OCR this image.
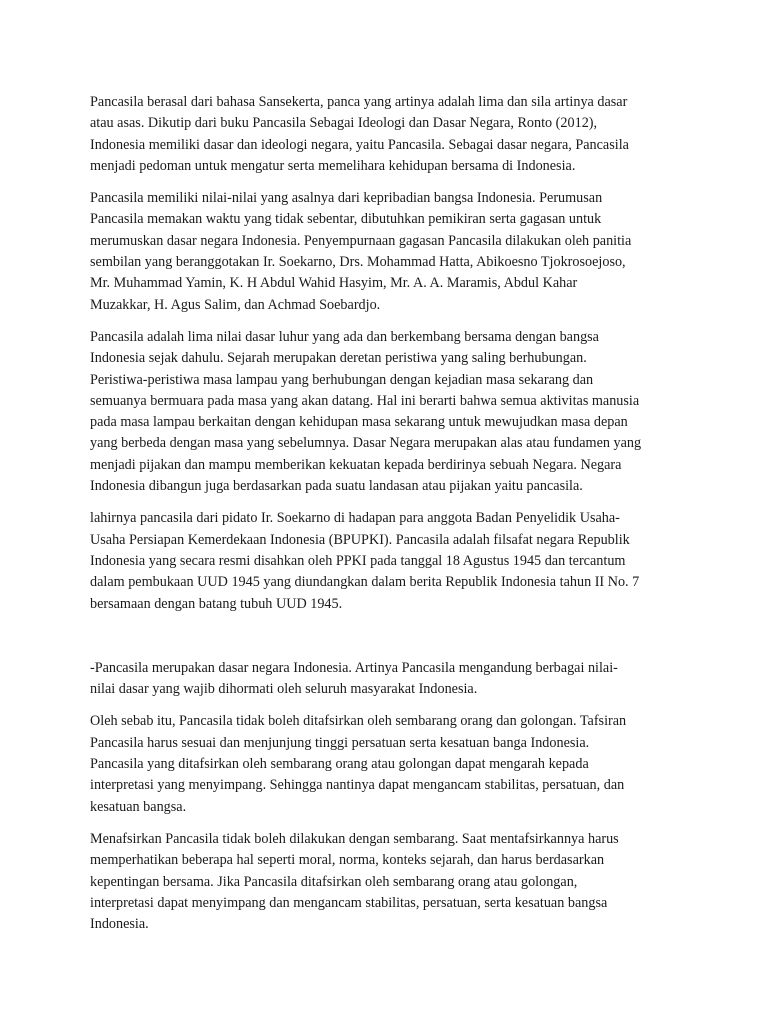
Pancasila berasal dari bahasa Sansekerta, panca yang artinya adalah lima dan sila artinya dasar
atau asas. Dikutip dari buku Pancasila Sebagai Ideologi dan Dasar Negara, Ronto (2012),
Indonesia memiliki dasar dan ideologi negara, yaitu Pancasila. Sebagai dasar negara, Pancasila
menjadi pedoman untuk mengatur serta memelihara kehidupan bersama di Indonesia.

Pancasila memiliki nilai-nilai yang asalnya dari kepribadian bangsa Indonesia. Perumusan
Pancasila memakan waktu yang tidak sebentar, dibutuhkan pemikiran serta gagasan untuk
merumuskan dasar negara Indonesia. Penyempurnaan gagasan Pancasila dilakukan oleh panitia
sembilan yang beranggotakan Ir. Soekarno, Drs. Mohammad Hatta, Abikoesno Tjokrosoejoso,
Mr. Muhammad Yamin, K. H Abdul Wahid Hasyim, Mr. A. A. Maramis, Abdul Kahar
Muzakkar, H. Agus Salim, dan Achmad Soebardjo.

Pancasila adalah lima nilai dasar luhur yang ada dan berkembang bersama dengan bangsa
Indonesia sejak dahulu. Sejarah merupakan deretan peristiwa yang saling berhubungan.
Peristiwa-peristiwa masa lampau yang berhubungan dengan kejadian masa sekarang dan
semuanya bermuara pada masa yang akan datang. Hal ini berarti bahwa semua aktivitas manusia
pada masa lampau berkaitan dengan kehidupan masa sekarang untuk mewujudkan masa depan
yang berbeda dengan masa yang sebelumnya. Dasar Negara merupakan alas atau fundamen yang
menjadi pijakan dan mampu memberikan kekuatan kepada berdirinya sebuah Negara. Negara
Indonesia dibangun juga berdasarkan pada suatu landasan atau pijakan yaitu pancasila.

lahirnya pancasila dari pidato Ir. Soekarno di hadapan para anggota Badan Penyelidik Usaha-
Usaha Persiapan Kemerdekaan Indonesia (BPUPKI). Pancasila adalah filsafat negara Republik
Indonesia yang secara resmi disahkan oleh PPKI pada tanggal 18 Agustus 1945 dan tercantum
dalam pembukaan UUD 1945 yang diundangkan dalam berita Republik Indonesia tahun II No. 7
bersamaan dengan batang tubuh UUD 1945.

-Pancasila merupakan dasar negara Indonesia. Artinya Pancasila mengandung berbagai nilai-
nilai dasar yang wajib dihormati oleh seluruh masyarakat Indonesia.

Oleh sebab itu, Pancasila tidak boleh ditafsirkan oleh sembarang orang dan golongan. Tafsiran
Pancasila harus sesuai dan menjunjung tinggi persatuan serta kesatuan banga Indonesia.
Pancasila yang ditafsirkan oleh sembarang orang atau golongan dapat mengarah kepada
interpretasi yang menyimpang. Sehingga nantinya dapat mengancam stabilitas, persatuan, dan
kesatuan bangsa.

Menafsirkan Pancasila tidak boleh dilakukan dengan sembarang. Saat mentafsirkannya harus
memperhatikan beberapa hal seperti moral, norma, konteks sejarah, dan harus berdasarkan
kepentingan bersama. Jika Pancasila ditafsirkan oleh sembarang orang atau golongan,
interpretasi dapat menyimpang dan mengancam stabilitas, persatuan, serta kesatuan bangsa
Indonesia.
